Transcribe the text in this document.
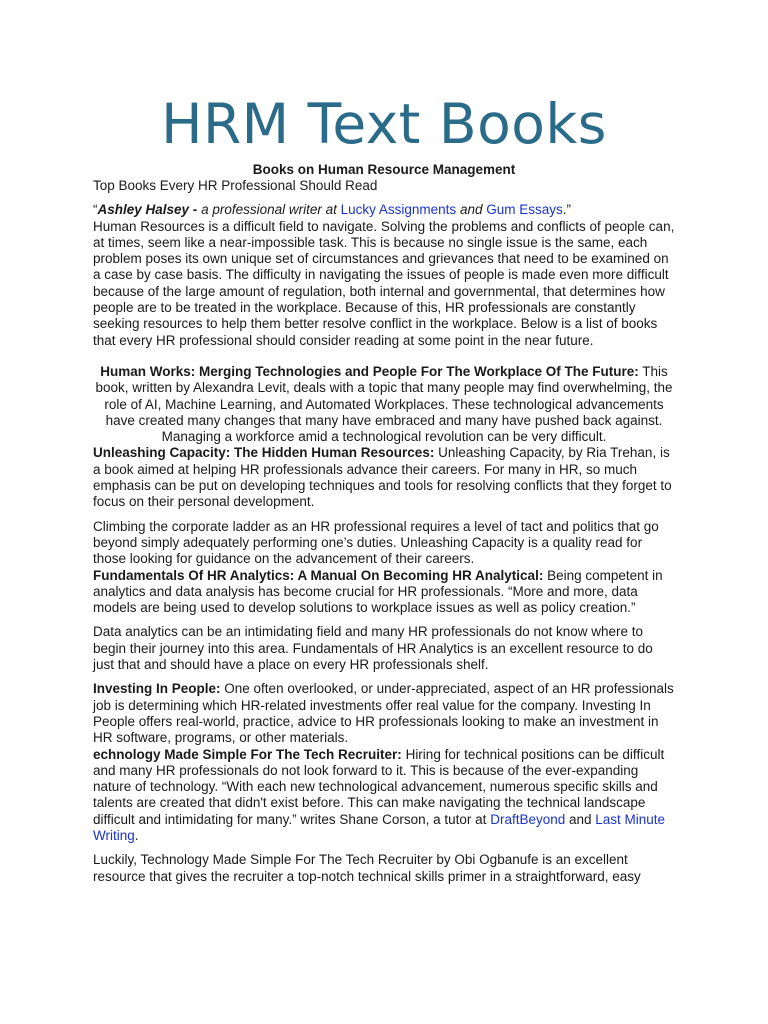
HRM Text Books
Books on Human Resource Management

Top Books Every HR Professional Should Read

“Ashley Halsey - a professional writer at Lucky Assignments and Gum Essays.”

Human Resources is a difficult field to navigate. Solving the problems and conflicts of people can, at times, seem like a near-impossible task. This is because no single issue is the same, each problem poses its own unique set of circumstances and grievances that need to be examined on a case by case basis. The difficulty in navigating the issues of people is made even more difficult because of the large amount of regulation, both internal and governmental, that determines how people are to be treated in the workplace. Because of this, HR professionals are constantly seeking resources to help them better resolve conflict in the workplace. Below is a list of books that every HR professional should consider reading at some point in the near future.

Human Works: Merging Technologies and People For The Workplace Of The Future: This book, written by Alexandra Levit, deals with a topic that many people may find overwhelming, the role of AI, Machine Learning, and Automated Workplaces. These technological advancements have created many changes that many have embraced and many have pushed back against. Managing a workforce amid a technological revolution can be very difficult.

Unleashing Capacity: The Hidden Human Resources: Unleashing Capacity, by Ria Trehan, is a book aimed at helping HR professionals advance their careers. For many in HR, so much emphasis can be put on developing techniques and tools for resolving conflicts that they forget to focus on their personal development.

Climbing the corporate ladder as an HR professional requires a level of tact and politics that go beyond simply adequately performing one’s duties. Unleashing Capacity is a quality read for those looking for guidance on the advancement of their careers.

Fundamentals Of HR Analytics: A Manual On Becoming HR Analytical: Being competent in analytics and data analysis has become crucial for HR professionals. “More and more, data models are being used to develop solutions to workplace issues as well as policy creation.”

Data analytics can be an intimidating field and many HR professionals do not know where to begin their journey into this area. Fundamentals of HR Analytics is an excellent resource to do just that and should have a place on every HR professionals shelf.

Investing In People: One often overlooked, or under-appreciated, aspect of an HR professionals job is determining which HR-related investments offer real value for the company. Investing In People offers real-world, practice, advice to HR professionals looking to make an investment in HR software, programs, or other materials.

echnology Made Simple For The Tech Recruiter: Hiring for technical positions can be difficult and many HR professionals do not look forward to it. This is because of the ever-expanding nature of technology. “With each new technological advancement, numerous specific skills and talents are created that didn't exist before. This can make navigating the technical landscape difficult and intimidating for many.” writes Shane Corson, a tutor at DraftBeyond and Last Minute Writing.

Luckily, Technology Made Simple For The Tech Recruiter by Obi Ogbanufe is an excellent resource that gives the recruiter a top-notch technical skills primer in a straightforward, easy
